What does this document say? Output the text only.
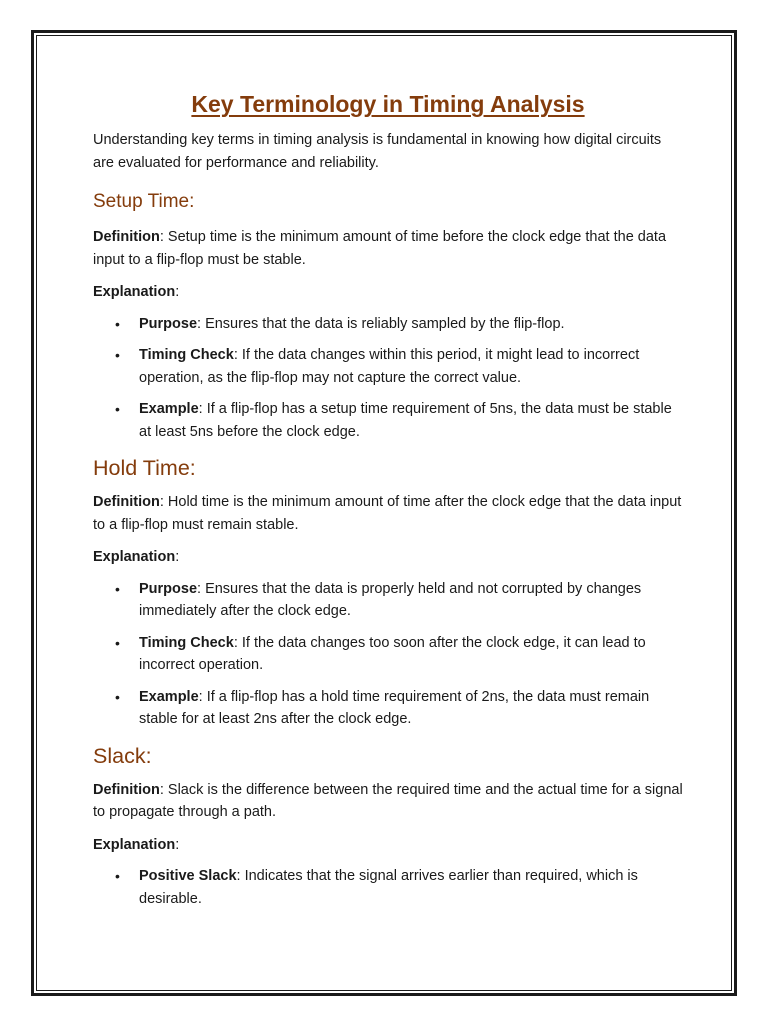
Key Terminology in Timing Analysis

Understanding key terms in timing analysis is fundamental in knowing how digital circuits are evaluated for performance and reliability.

Setup Time:

Definition: Setup time is the minimum amount of time before the clock edge that the data input to a flip-flop must be stable.

Explanation:

• Purpose: Ensures that the data is reliably sampled by the flip-flop.
• Timing Check: If the data changes within this period, it might lead to incorrect operation, as the flip-flop may not capture the correct value.
• Example: If a flip-flop has a setup time requirement of 5ns, the data must be stable at least 5ns before the clock edge.
Hold Time:

Definition: Hold time is the minimum amount of time after the clock edge that the data input to a flip-flop must remain stable.

Explanation:

• Purpose: Ensures that the data is properly held and not corrupted by changes immediately after the clock edge.
• Timing Check: If the data changes too soon after the clock edge, it can lead to incorrect operation.
• Example: If a flip-flop has a hold time requirement of 2ns, the data must remain stable for at least 2ns after the clock edge.
Slack:

Definition: Slack is the difference between the required time and the actual time for a signal to propagate through a path.

Explanation:

• Positive Slack: Indicates that the signal arrives earlier than required, which is desirable.
